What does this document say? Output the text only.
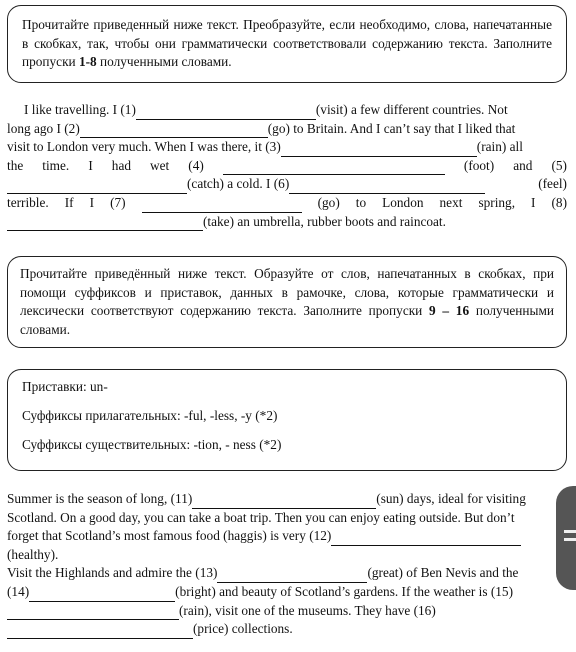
Прочитайте приведенный ниже текст. Преобразуйте, если необходимо, слова, напечатанные в скобках, так, чтобы они грамматически соответствовали содержанию текста. Заполните пропуски 1-8 полученными словами.
I like travelling. I (1)	(visit) a few different countries. Not
long ago I (2)	(go) to Britain. And I can’t say that I liked that
visit to London very much. When I was there, it (3)	(rain) all
the time. I had wet (4)	(foot) and (5)
(catch) a cold. I (6)	(feel)
terrible. If I (7)	(go) to London next spring, I (8)
(take) an umbrella, rubber boots and raincoat.
Прочитайте приведённый ниже текст. Образуйте от слов, напечатанных в скобках, при помощи суффиксов и приставок, данных в рамочке, слова, которые грамматически и лексически соответствуют содержанию текста. Заполните пропуски 9 – 16 полученными словами.
Приставки: un-
Суффиксы прилагательных: -ful, -less, -y (*2)
Суффиксы существительных: -tion, - ness (*2)
Summer is the season of long, (11)	(sun) days, ideal for visiting
Scotland. On a good day, you can take a boat trip. Then you can enjoy eating outside. But don’t
forget that Scotland’s most famous food (haggis) is very (12)
(healthy).
Visit the Highlands and admire the (13)	(great) of Ben Nevis and the
(14)	(bright) and beauty of Scotland’s gardens. If the weather is (15)
(rain), visit one of the museums. They have (16)
(price) collections.
